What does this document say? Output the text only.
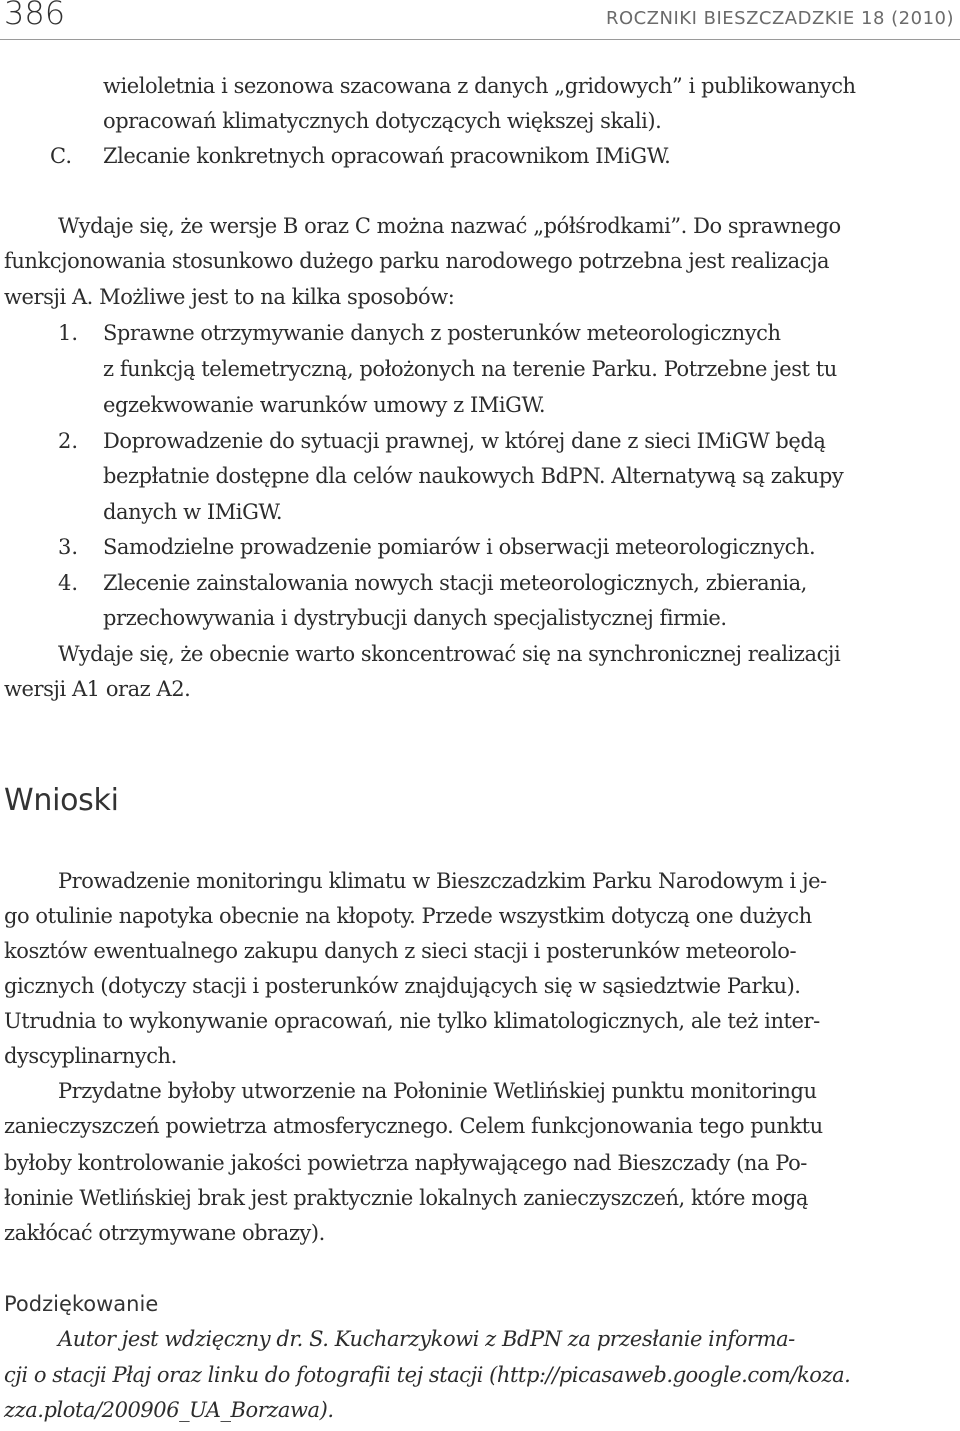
386	ROCZNIKI BIESZCZADZKIE 18 (2010)

wieloletnia i sezonowa szacowana z danych „gridowych” i publikowanych

opracowań klimatycznych dotyczących większej skali).

C. Zlecanie konkretnych opracowań pracownikom IMiGW.

Wydaje się, że wersje B oraz C można nazwać „półśrodkami”. Do sprawnego

funkcjonowania stosunkowo dużego parku narodowego potrzebna jest realizacja

wersji A. Możliwe jest to na kilka sposobów:

1. Sprawne otrzymywanie danych z posterunków meteorologicznych

z funkcją telemetryczną, położonych na terenie Parku. Potrzebne jest tu

egzekwowanie warunków umowy z IMiGW.

2. Doprowadzenie do sytuacji prawnej, w której dane z sieci IMiGW będą

bezpłatnie dostępne dla celów naukowych BdPN. Alternatywą są zakupy

danych w IMiGW.

3. Samodzielne prowadzenie pomiarów i obserwacji meteorologicznych.

4. Zlecenie zainstalowania nowych stacji meteorologicznych, zbierania,

przechowywania i dystrybucji danych specjalistycznej firmie.

Wydaje się, że obecnie warto skoncentrować się na synchronicznej realizacji

wersji A1 oraz A2.

Wnioski

Prowadzenie monitoringu klimatu w Bieszczadzkim Parku Narodowym i je-

go otulinie napotyka obecnie na kłopoty. Przede wszystkim dotyczą one dużych

kosztów ewentualnego zakupu danych z sieci stacji i posterunków meteorolo-

gicznych (dotyczy stacji i posterunków znajdujących się w sąsiedztwie Parku).

Utrudnia to wykonywanie opracowań, nie tylko klimatologicznych, ale też inter-

dyscyplinarnych.

Przydatne byłoby utworzenie na Połoninie Wetlińskiej punktu monitoringu

zanieczyszczeń powietrza atmosferycznego. Celem funkcjonowania tego punktu

byłoby kontrolowanie jakości powietrza napływającego nad Bieszczady (na Po-

łoninie Wetlińskiej brak jest praktycznie lokalnych zanieczyszczeń, które mogą

zakłócać otrzymywane obrazy).

Podziękowanie

Autor jest wdzięczny dr. S. Kucharzykowi z BdPN za przesłanie informa-

cji o stacji Płaj oraz linku do fotografii tej stacji (http://picasaweb.google.com/koza.

zza.plota/200906_UA_Borzawa).
